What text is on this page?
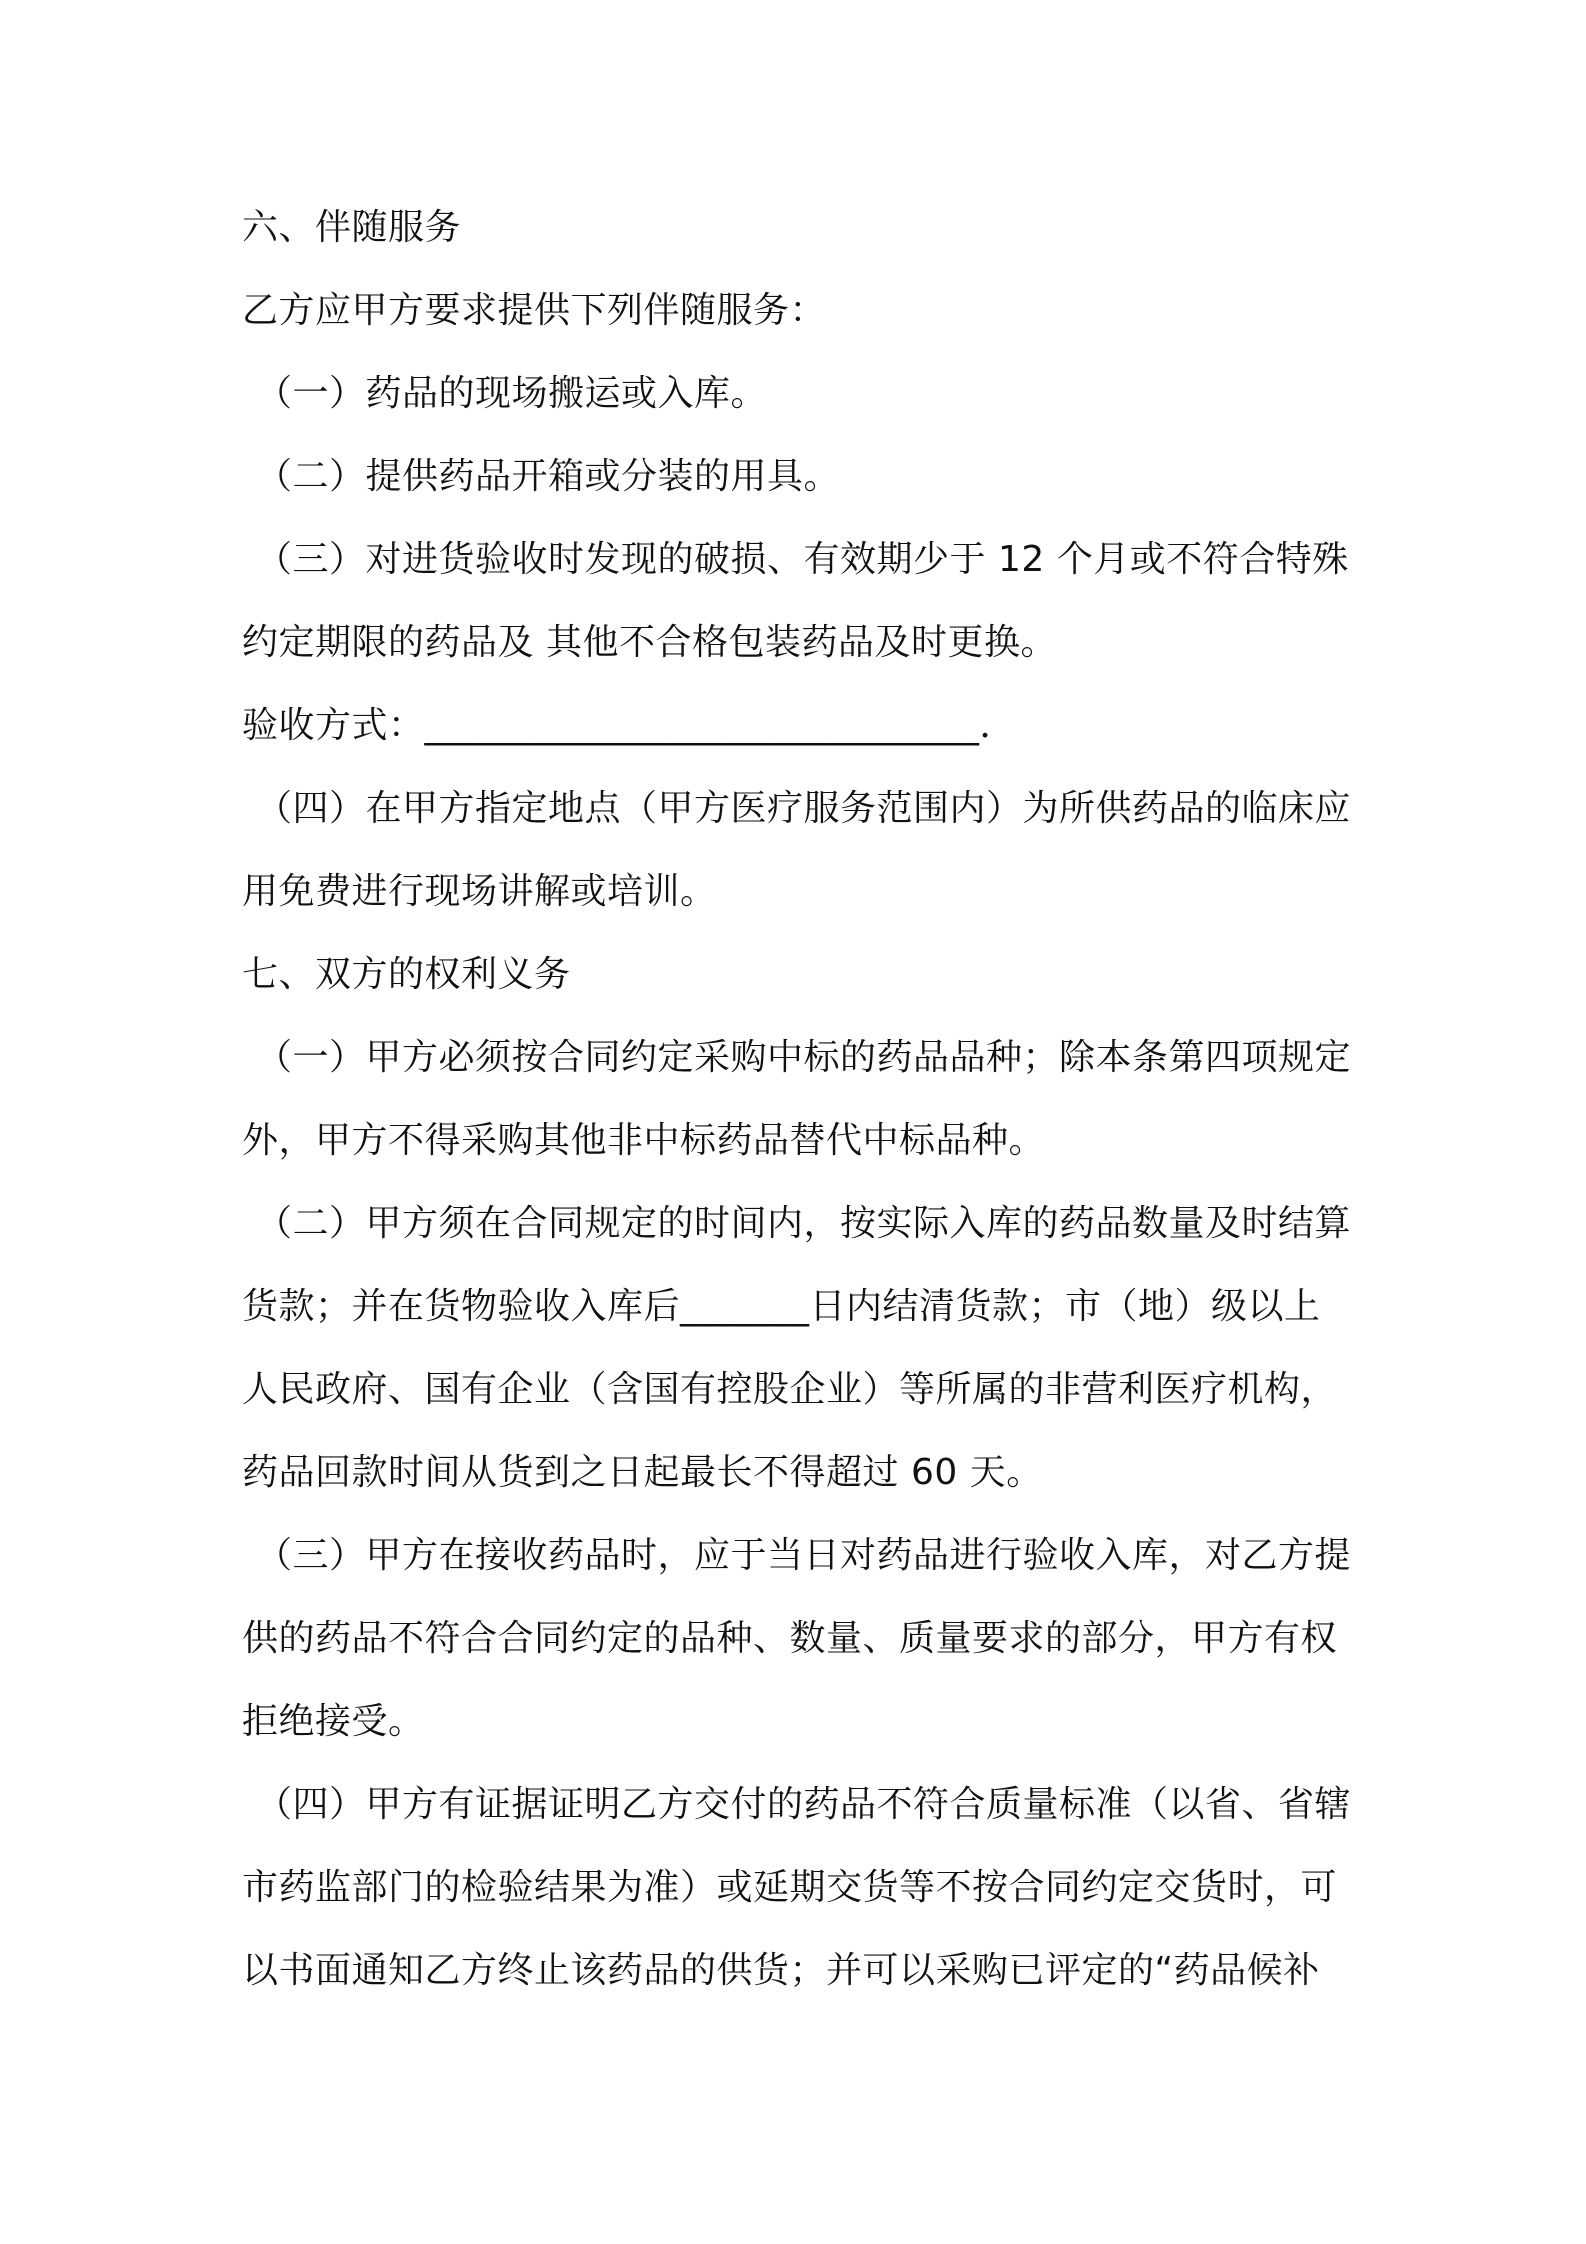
六、伴随服务
乙方应甲方要求提供下列伴随服务：
（一）药品的现场搬运或入库。
（二）提供药品开箱或分装的用具。
（三）对进货验收时发现的破损、有效期少于 12 个月或不符合特殊
约定期限的药品及 其他不合格包装药品及时更换。
验收方式：______________________________．
（四）在甲方指定地点（甲方医疗服务范围内）为所供药品的临床应
用免费进行现场讲解或培训。
七、双方的权利义务
（一）甲方必须按合同约定采购中标的药品品种；除本条第四项规定
外，甲方不得采购其他非中标药品替代中标品种。
（二）甲方须在合同规定的时间内，按实际入库的药品数量及时结算
货款；并在货物验收入库后_______日内结清货款；市（地）级以上
人民政府、国有企业（含国有控股企业）等所属的非营利医疗机构，
药品回款时间从货到之日起最长不得超过 60 天。
（三）甲方在接收药品时，应于当日对药品进行验收入库，对乙方提
供的药品不符合合同约定的品种、数量、质量要求的部分，甲方有权
拒绝接受。
（四）甲方有证据证明乙方交付的药品不符合质量标准（以省、省辖
市药监部门的检验结果为准）或延期交货等不按合同约定交货时，可
以书面通知乙方终止该药品的供货；并可以采购已评定的“药品候补
